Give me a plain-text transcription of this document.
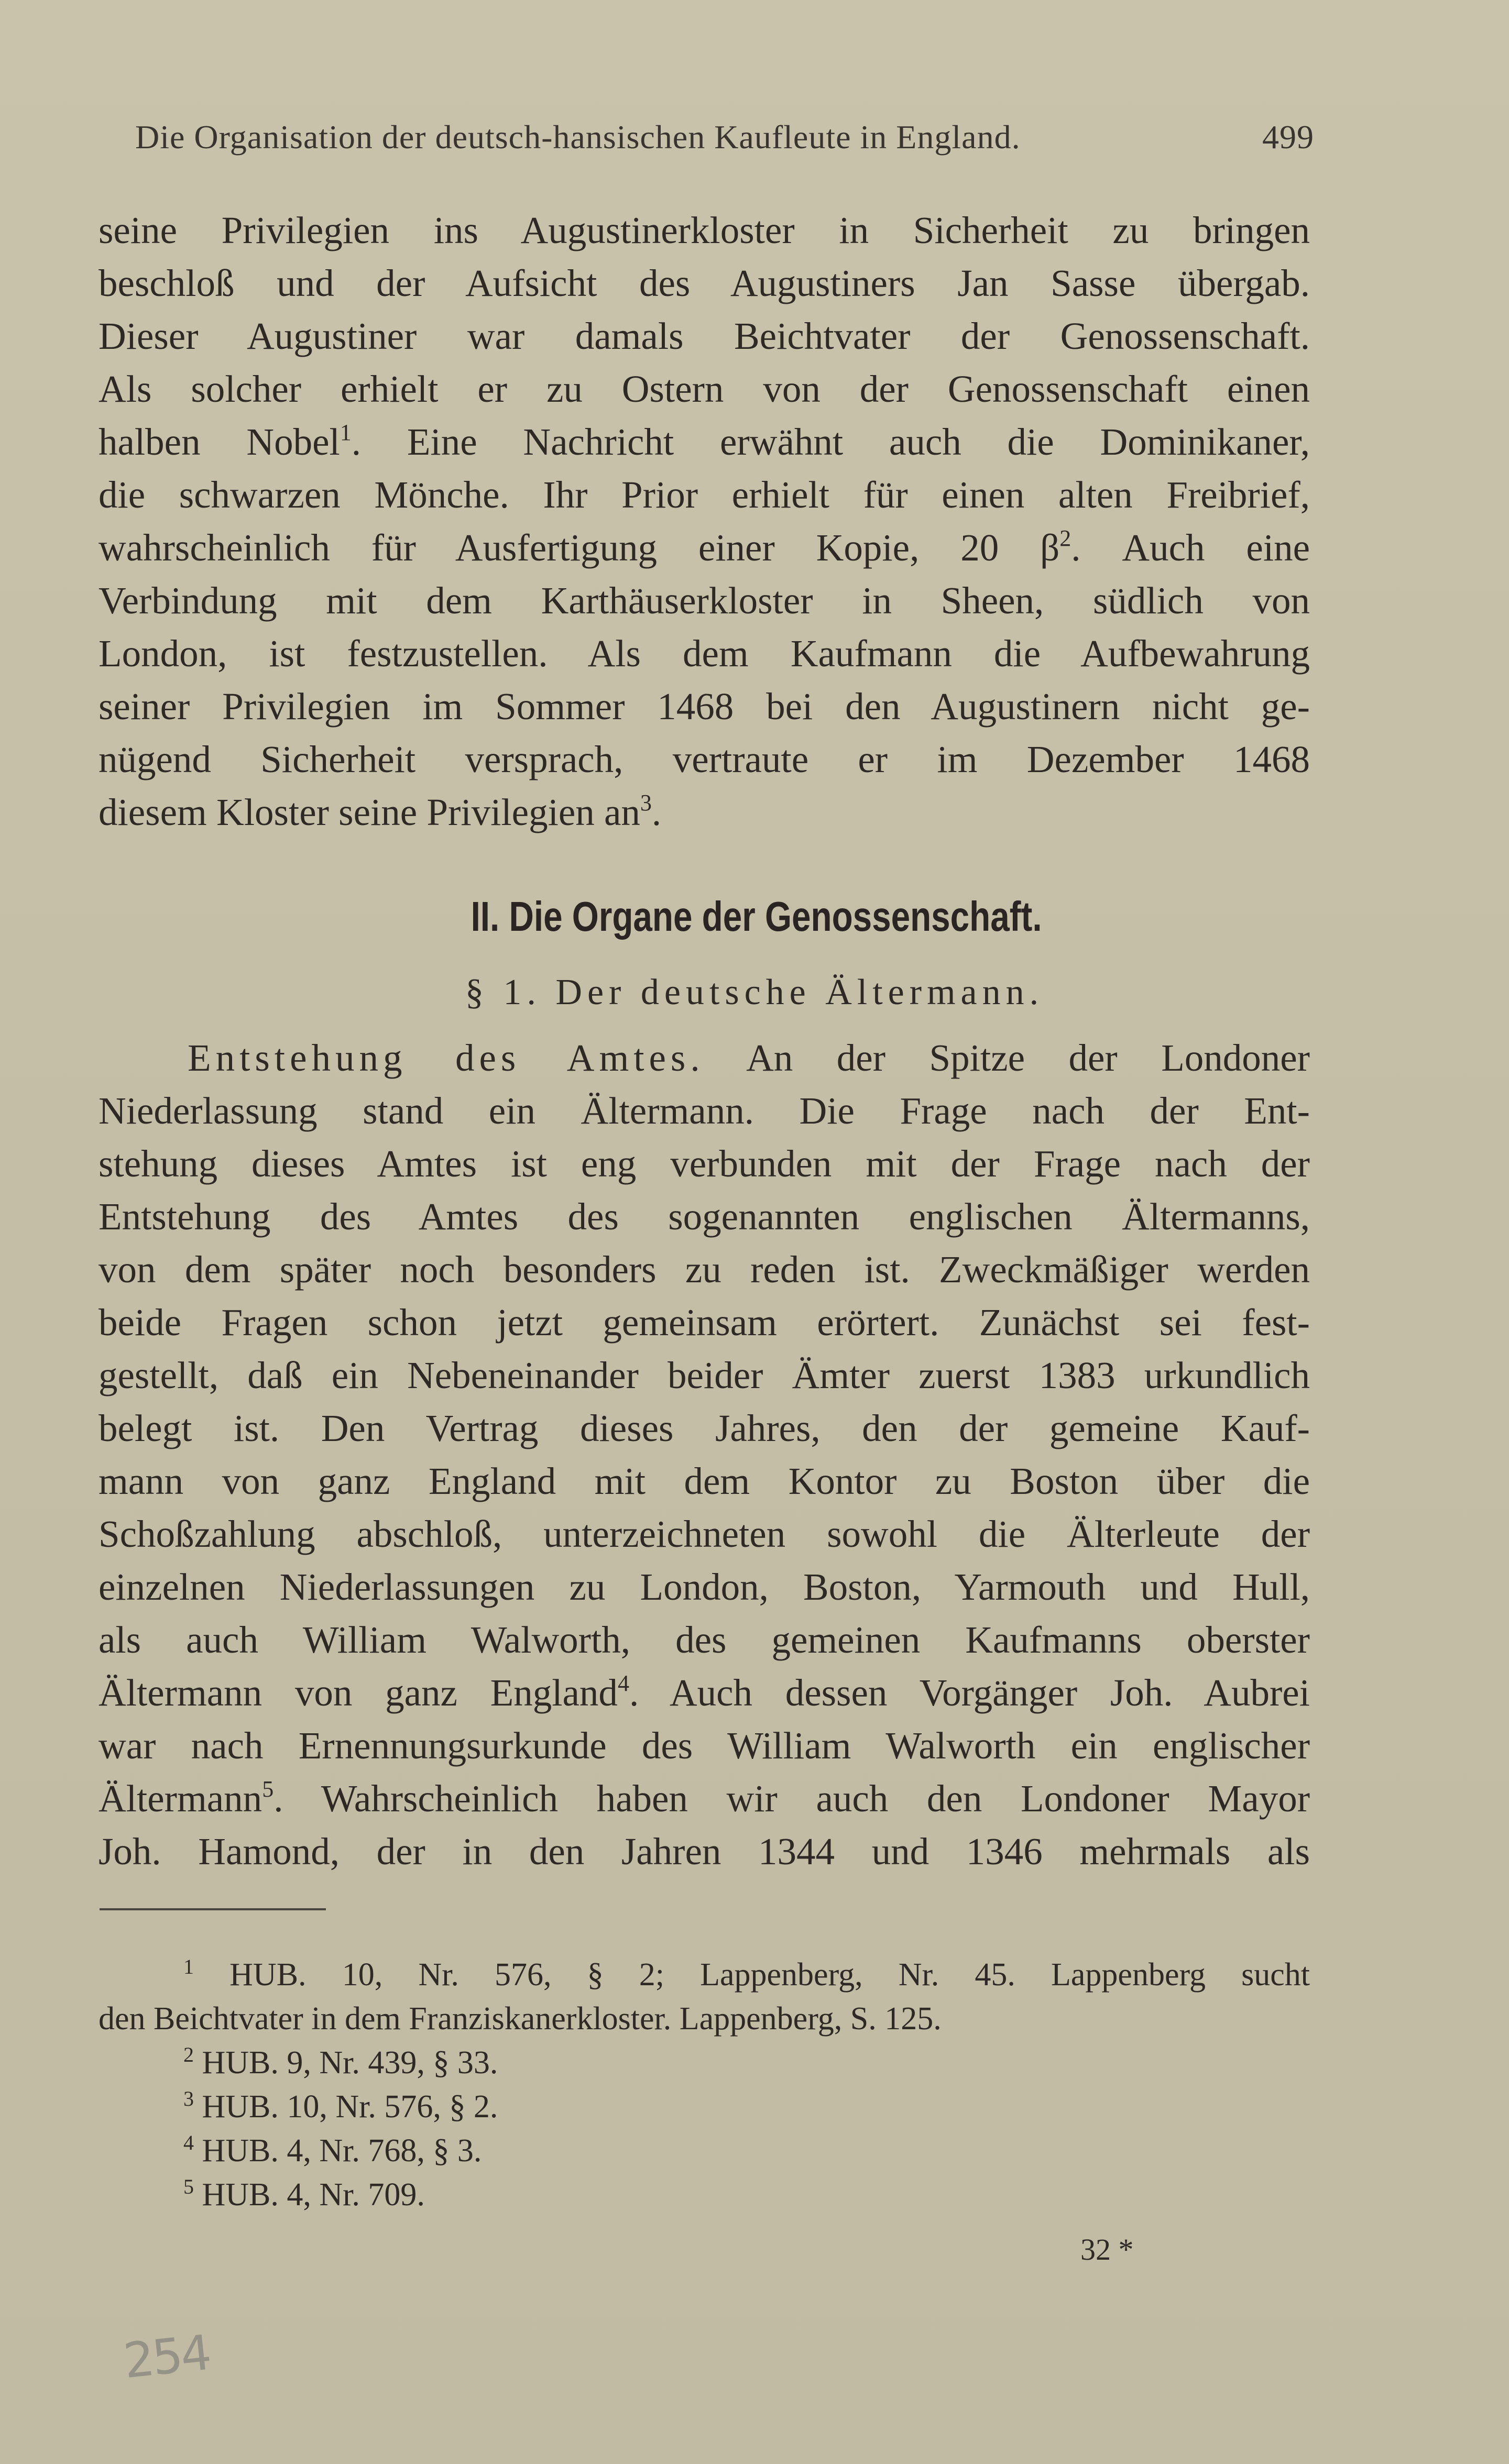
Die Organisation der deutsch-hansischen Kaufleute in England.	499
seine Privilegien ins Augustinerkloster in Sicherheit zu bringen
beschloß und der Aufsicht des Augustiners Jan Sasse übergab.
Dieser Augustiner war damals Beichtvater der Genossenschaft.
Als solcher erhielt er zu Ostern von der Genossenschaft einen
halben Nobel$^1$. Eine Nachricht erwähnt auch die Dominikaner,
die schwarzen Mönche. Ihr Prior erhielt für einen alten Freibrief,
wahrscheinlich für Ausfertigung einer Kopie, 20 $\beta^2$. Auch eine
Verbindung mit dem Karthäuserkloster in Sheen, südlich von
London, ist festzustellen. Als dem Kaufmann die Aufbewahrung
seiner Privilegien im Sommer 1468 bei den Augustinern nicht ge-
nügend Sicherheit versprach, vertraute er im Dezember 1468
diesem Kloster seine Privilegien $an^3$.
II. Die Organe der Genossenschaft.
§ 1. Der deutsche Ältermann.
Entstehung des Amtes. An der Spitze der Londoner
Niederlassung stand ein Ältermann. Die Frage nach der Ent-
stehung dieses Amtes ist eng verbunden mit der Frage nach der
Entstehung des Amtes des sogenannten englischen Ältermanns,
von dem später noch besonders zu reden ist. Zweckmäßiger werden
beide Fragen schon jetzt gemeinsam erörtert. Zunächst sei fest-
gestellt, daß ein Nebeneinander beider Ämter zuerst 1383 urkundlich
belegt ist. Den Vertrag dieses Jahres, den der gemeine Kauf-
mann von ganz England mit dem Kontor zu Boston über die
Schoßzahlung abschloß, unterzeichneten sowohl die Älterleute der
einzelnen Niederlassungen zu London, Boston, Yarmouth und Hull,
als auch William Walworth, des gemeinen Kaufmanns oberster
Ältermann von ganz England$^4$. Auch dessen Vorgänger Joh. Aubrei
war nach Ernennungsurkunde des William Walworth ein englischer
Ältermann$^5$. Wahrscheinlich haben wir auch den Londoner Mayor
Joh. Hamond, der in den Jahren 1344 und 1346 mehrmals als
$^1$ HUB. 10, Nr. 576, § 2; Lappenberg, Nr. 45. Lappenberg sucht
den Beichtvater in dem Franziskanerkloster. Lappenberg, S. 125.
$^2$ HUB. 9, Nr. 439, § 33.
$^3$ HUB. 10, Nr. 576, § 2.
$^4$ HUB. 4, Nr. 768, § 3.
$^5$ HUB. 4, Nr. 709.
32 *
254
